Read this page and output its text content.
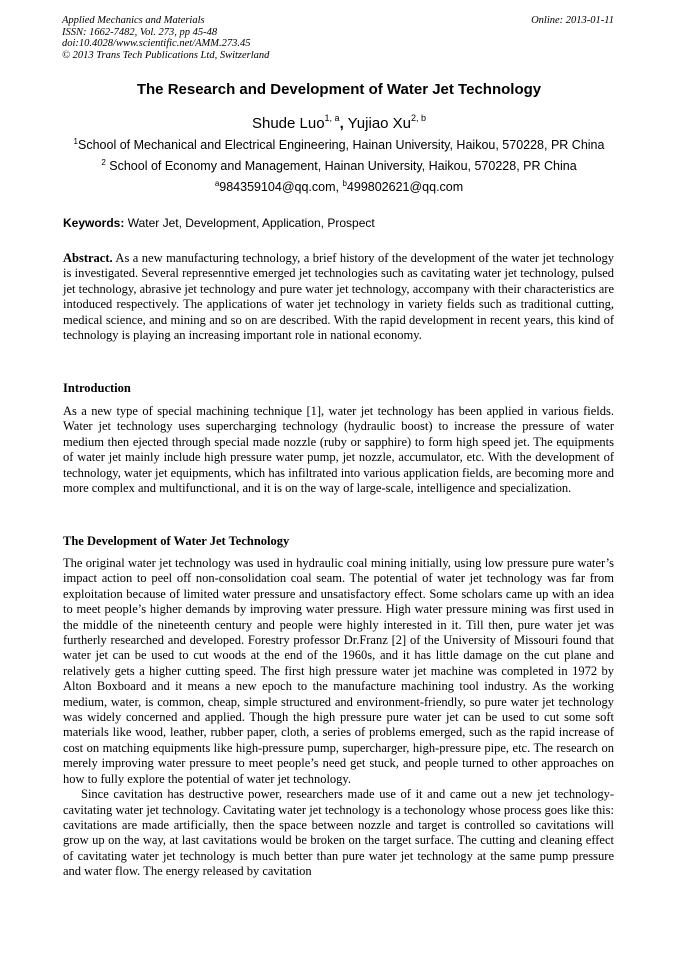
Applied Mechanics and Materials
ISSN: 1662-7482, Vol. 273, pp 45-48
doi:10.4028/www.scientific.net/AMM.273.45
© 2013 Trans Tech Publications Ltd, Switzerland
Online: 2013-01-11
The Research and Development of Water Jet Technology
Shude Luo$^{1, a}$, Yujiao Xu$^{2, b}$
$^1$School of Mechanical and Electrical Engineering, Hainan University, Haikou, 570228, PR China
$^2$ School of Economy and Management, Hainan University, Haikou, 570228, PR China
$^a$984359104@qq.com, $^b$499802621@qq.com
Keywords: Water Jet, Development, Application, Prospect

Abstract. As a new manufacturing technology, a brief history of the development of the water jet technology is investigated. Several represenntive emerged jet technologies such as cavitating water jet technology, pulsed jet technology, abrasive jet technology and pure water jet technology, accompany with their characteristics are intoduced respectively. The applications of water jet technology in variety fields such as traditional cutting, medical science, and mining and so on are described. With the rapid development in recent years, this kind of technology is playing an increasing important role in national economy.

Introduction

As a new type of special machining technique [1], water jet technology has been applied in various fields. Water jet technology uses supercharging technology (hydraulic boost) to increase the pressure of water medium then ejected through special made nozzle (ruby or sapphire) to form high speed jet. The equipments of water jet mainly include high pressure water pump, jet nozzle, accumulator, etc. With the development of technology, water jet equipments, which has infiltrated into various application fields, are becoming more and more complex and multifunctional, and it is on the way of large-scale, intelligence and specialization.

The Development of Water Jet Technology

The original water jet technology was used in hydraulic coal mining initially, using low pressure pure water’s impact action to peel off non-consolidation coal seam. The potential of water jet technology was far from exploitation because of limited water pressure and unsatisfactory effect. Some scholars came up with an idea to meet people’s higher demands by improving water pressure. High water pressure mining was first used in the middle of the nineteenth century and people were highly interested in it. Till then, pure water jet was furtherly researched and developed. Forestry professor Dr.Franz [2] of the University of Missouri found that water jet can be used to cut woods at the end of the 1960s, and it has little damage on the cut plane and relatively gets a higher cutting speed. The first high pressure water jet machine was completed in 1972 by Alton Boxboard and it means a new epoch to the manufacture machining tool industry. As the working medium, water, is common, cheap, simple structured and environment-friendly, so pure water jet technology was widely concerned and applied. Though the high pressure pure water jet can be used to cut some soft materials like wood, leather, rubber paper, cloth, a series of problems emerged, such as the rapid increase of cost on matching equipments like high-pressure pump, supercharger, high-pressure pipe, etc. The research on merely improving water pressure to meet people’s need get stuck, and people turned to other approaches on how to fully explore the potential of water jet technology.

Since cavitation has destructive power, researchers made use of it and came out a new jet technology-cavitating water jet technology. Cavitating water jet technology is a techonology whose process goes like this: cavitations are made artificially, then the space between nozzle and target is controlled so cavitations will grow up on the way, at last cavitations would be broken on the target surface. The cutting and cleaning effect of cavitating water jet technology is much better than pure water jet technology at the same pump pressure and water flow. The energy released by cavitation
